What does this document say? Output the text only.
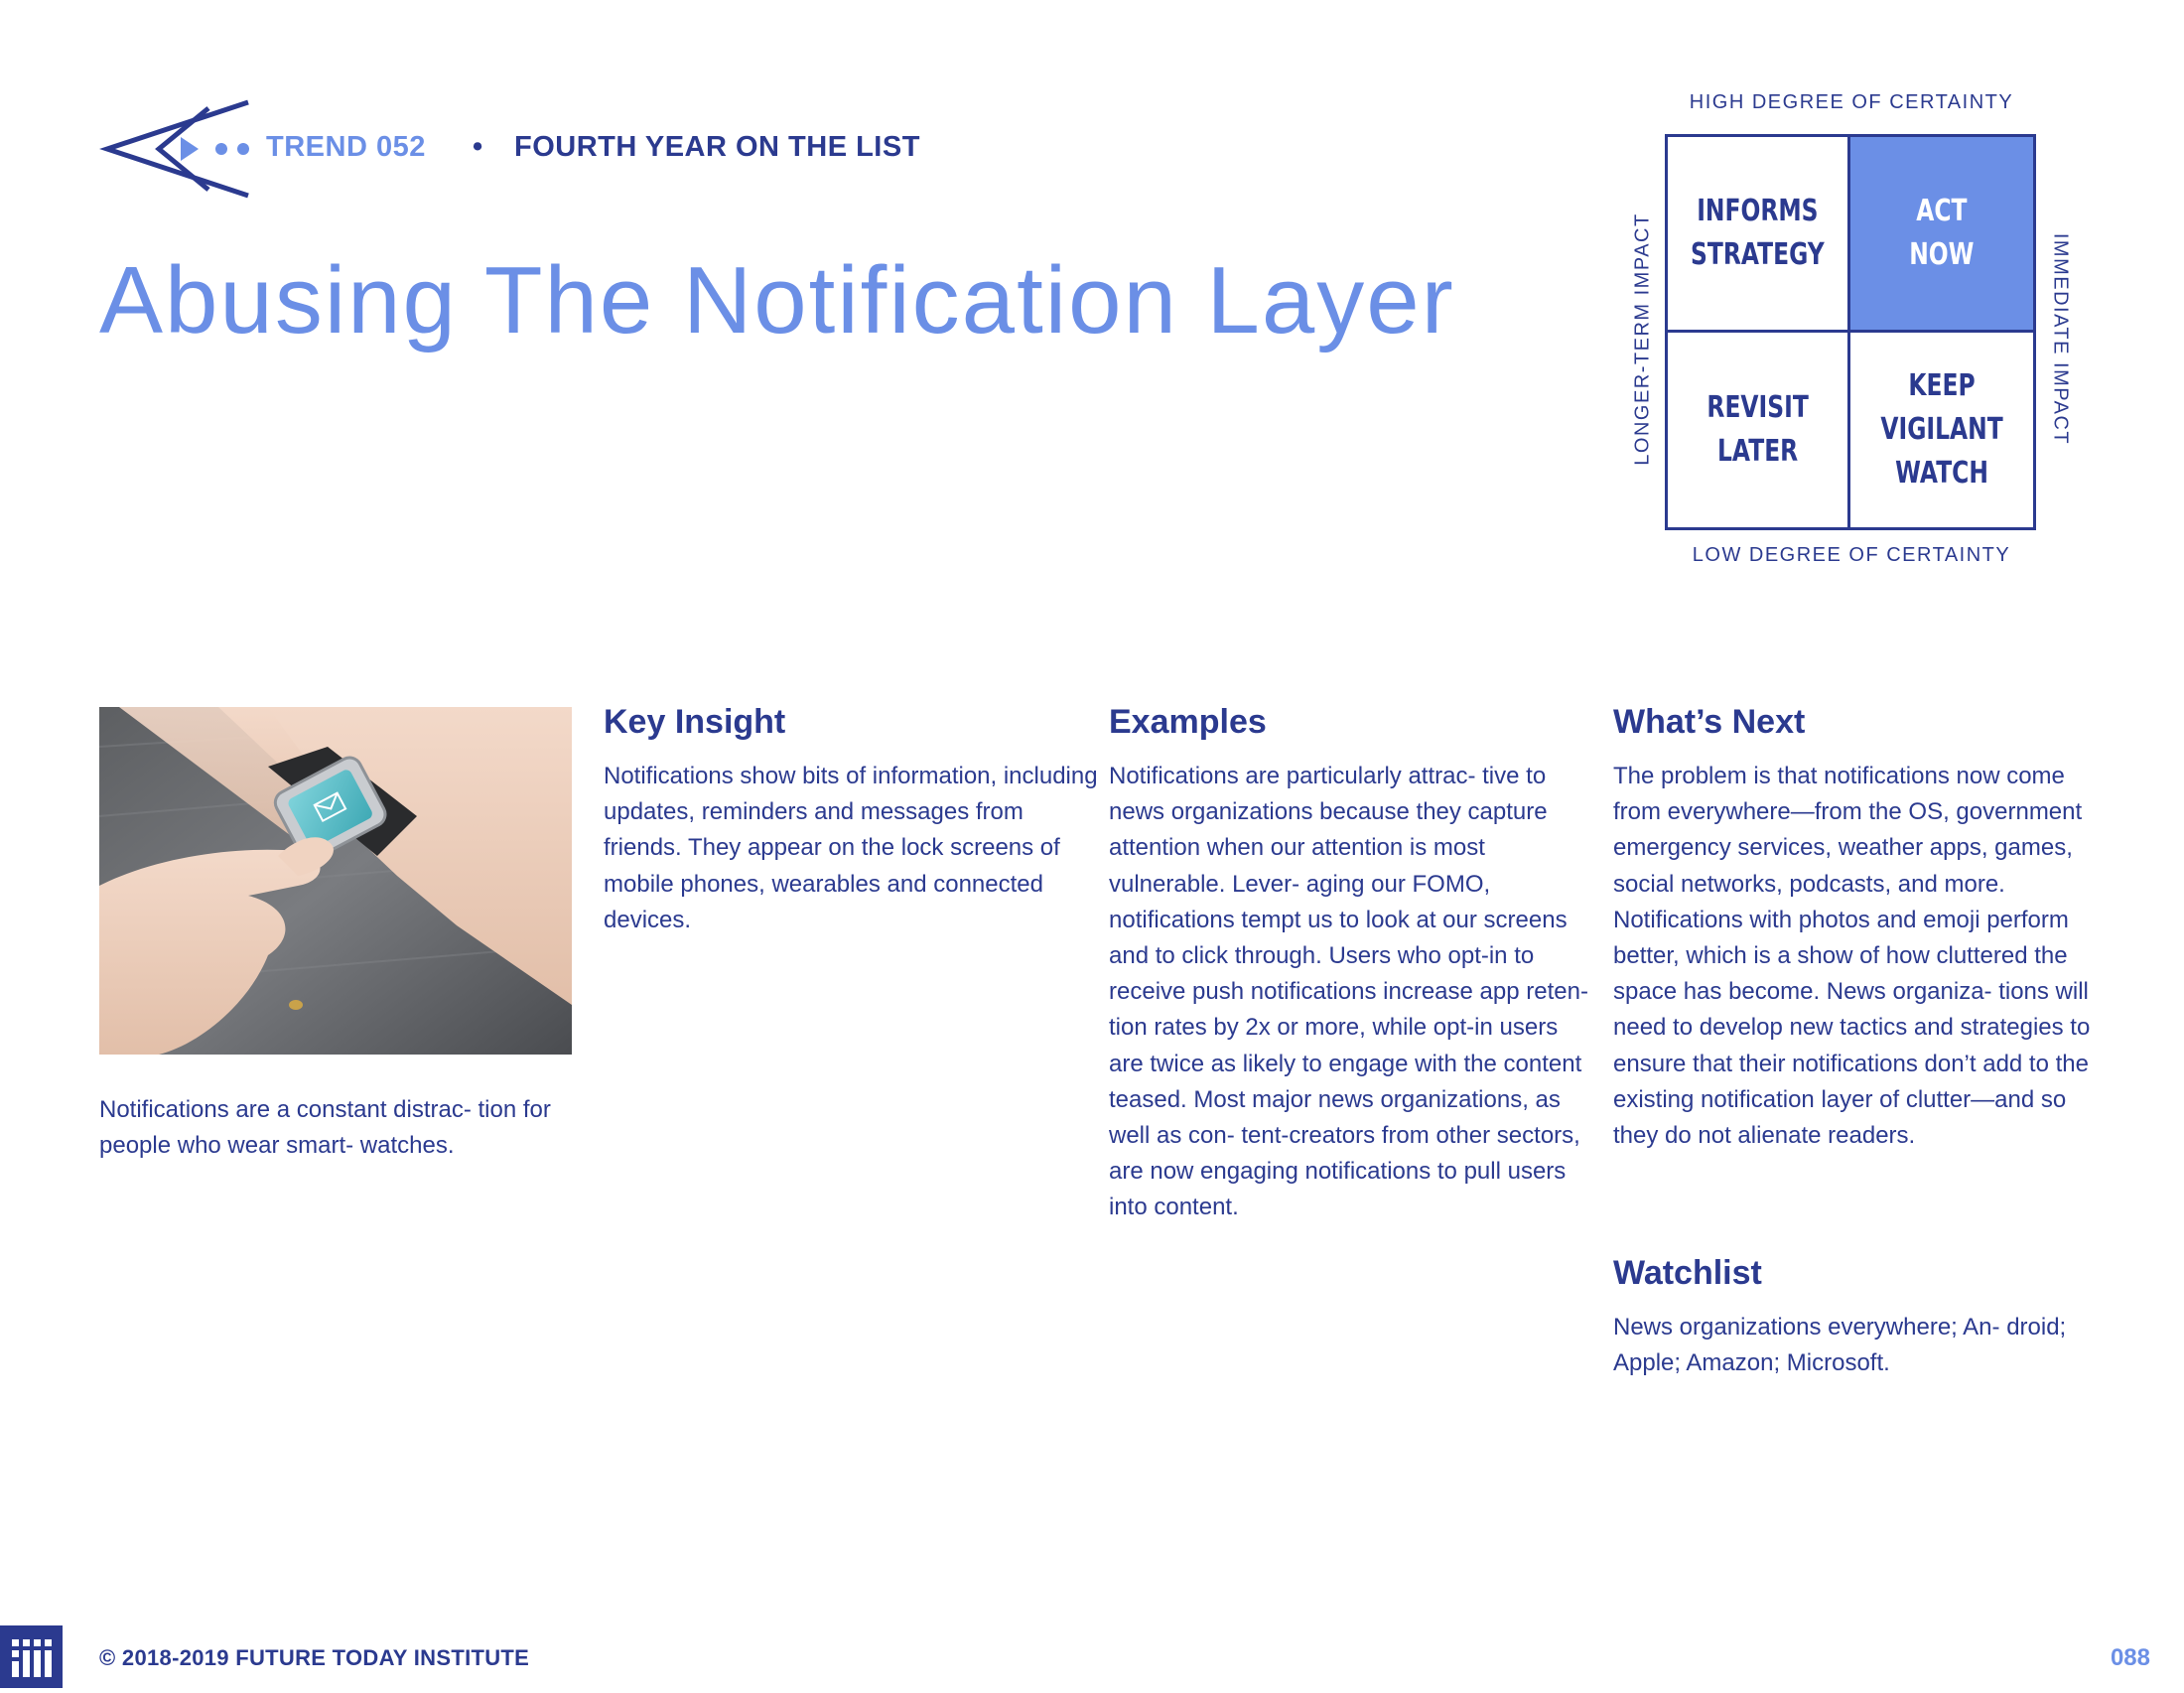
TREND 052 • FOURTH YEAR ON THE LIST
Abusing The Notification Layer
HIGH DEGREE OF CERTAINTY
LOW DEGREE OF CERTAINTY
LONGER-TERM IMPACT	IMMEDIATE IMPACT
INFORMS
STRATEGY
ACT
NOW
REVISIT
LATER
KEEP
VIGILANT
WATCH
Notifications are a constant distrac- tion for people who wear smart- watches.
Key Insight

Notifications show bits of information, including updates, reminders and messages from friends. They appear on the lock screens of mobile phones, wearables and connected devices.

Examples

Notifications are particularly attrac- tive to news organizations because they capture attention when our attention is most vulnerable. Lever- aging our FOMO, notifications tempt us to look at our screens and to click through. Users who opt-in to receive push notifications increase app reten- tion rates by 2x or more, while opt-in users are twice as likely to engage with the content teased. Most major news organizations, as well as con- tent-creators from other sectors, are now engaging notifications to pull users into content.

What’s Next

The problem is that notifications now come from everywhere—from the OS, government emergency services, weather apps, games, social networks, podcasts, and more. Notifications with photos and emoji perform better, which is a show of how cluttered the space has become. News organiza- tions will need to develop new tactics and strategies to ensure that their notifications don’t add to the existing notification layer of clutter—and so they do not alienate readers.

Watchlist

News organizations everywhere; An- droid; Apple; Amazon; Microsoft.

© 2018-2019 FUTURE TODAY INSTITUTE	088
